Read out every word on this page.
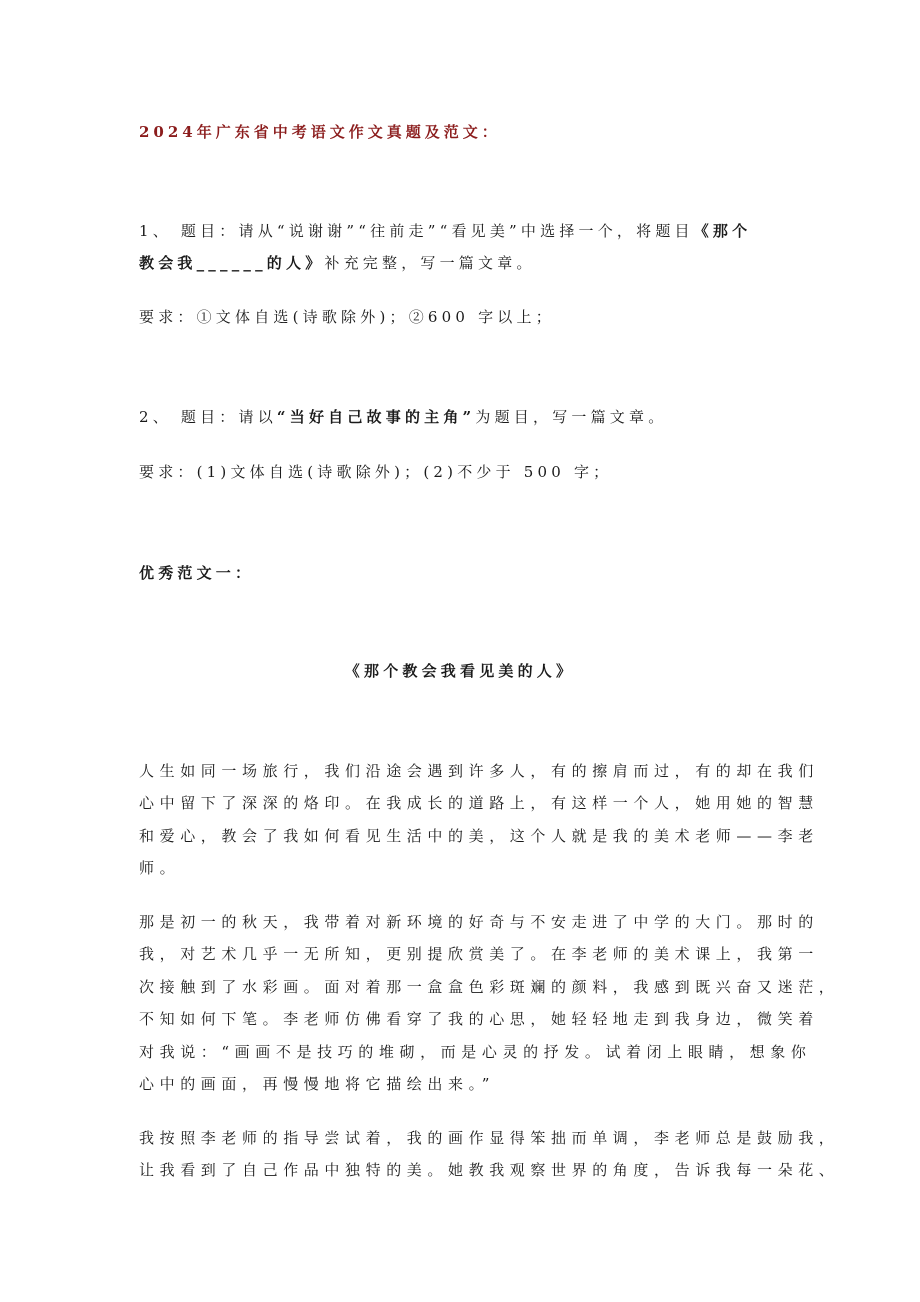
2024年广东省中考语文作文真题及范文：
1、 题目：请从“说谢谢”“往前走”“看见美”中选择一个，将题目《那个
教会我______的人》补充完整，写一篇文章。
要求：①文体自选(诗歌除外)；②600 字以上；
2、 题目：请以“当好自己故事的主角”为题目，写一篇文章。
要求：(1)文体自选(诗歌除外)；(2)不少于 500 字；
优秀范文一：
《那个教会我看见美的人》
人生如同一场旅行，我们沿途会遇到许多人，有的擦肩而过，有的却在我们
心中留下了深深的烙印。在我成长的道路上，有这样一个人，她用她的智慧
和爱心，教会了我如何看见生活中的美，这个人就是我的美术老师——李老
师。
那是初一的秋天，我带着对新环境的好奇与不安走进了中学的大门。那时的
我，对艺术几乎一无所知，更别提欣赏美了。在李老师的美术课上，我第一
次接触到了水彩画。面对着那一盒盒色彩斑斓的颜料，我感到既兴奋又迷茫，
不知如何下笔。李老师仿佛看穿了我的心思，她轻轻地走到我身边，微笑着
对我说：“画画不是技巧的堆砌，而是心灵的抒发。试着闭上眼睛，想象你
心中的画面，再慢慢地将它描绘出来。”
我按照李老师的指导尝试着，我的画作显得笨拙而单调，李老师总是鼓励我，
让我看到了自己作品中独特的美。她教我观察世界的角度，告诉我每一朵花、
